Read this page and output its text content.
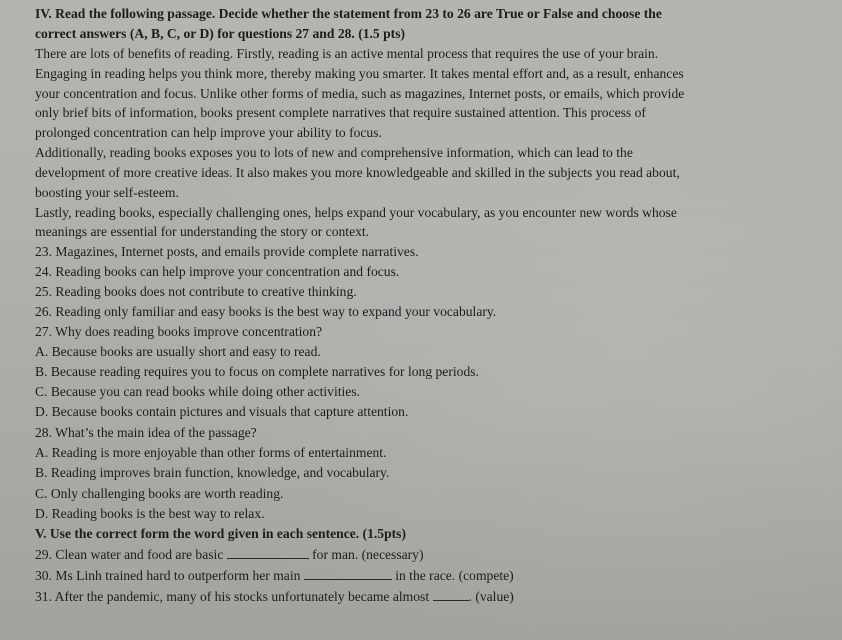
IV. Read the following passage. Decide whether the statement from 23 to 26 are True or False and choose the
correct answers (A, B, C, or D) for questions 27 and 28. (1.5 pts)
There are lots of benefits of reading. Firstly, reading is an active mental process that requires the use of your brain.
Engaging in reading helps you think more, thereby making you smarter. It takes mental effort and, as a result, enhances
your concentration and focus. Unlike other forms of media, such as magazines, Internet posts, or emails, which provide
only brief bits of information, books present complete narratives that require sustained attention. This process of
prolonged concentration can help improve your ability to focus.
Additionally, reading books exposes you to lots of new and comprehensive information, which can lead to the
development of more creative ideas. It also makes you more knowledgeable and skilled in the subjects you read about,
boosting your self-esteem.
Lastly, reading books, especially challenging ones, helps expand your vocabulary, as you encounter new words whose
meanings are essential for understanding the story or context.
23. Magazines, Internet posts, and emails provide complete narratives.
24. Reading books can help improve your concentration and focus.
25. Reading books does not contribute to creative thinking.
26. Reading only familiar and easy books is the best way to expand your vocabulary.
27. Why does reading books improve concentration?
A. Because books are usually short and easy to read.
B. Because reading requires you to focus on complete narratives for long periods.
C. Because you can read books while doing other activities.
D. Because books contain pictures and visuals that capture attention.
28. What’s the main idea of the passage?
A. Reading is more enjoyable than other forms of entertainment.
B. Reading improves brain function, knowledge, and vocabulary.
C. Only challenging books are worth reading.
D. Reading books is the best way to relax.
V. Use the correct form the word given in each sentence. (1.5pts)
29. Clean water and food are basic	for man. (necessary)
30. Ms Linh trained hard to outperform her main	in the race. (compete)
31. After the pandemic, many of his stocks unfortunately became almost	. (value)
